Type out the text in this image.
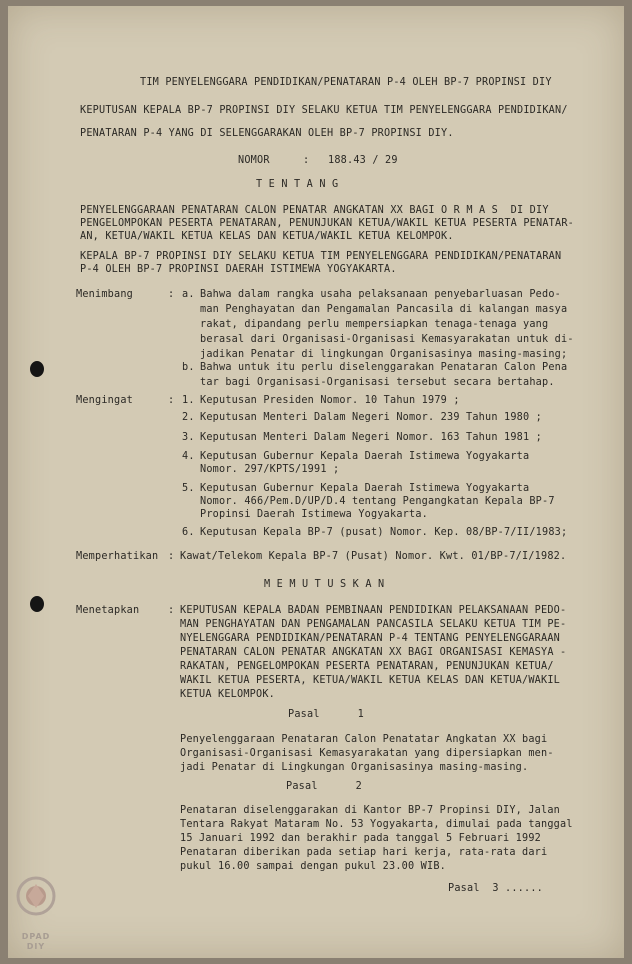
TIM PENYELENGGARA PENDIDIKAN/PENATARAN P-4 OLEH BP-7 PROPINSI DIY
KEPUTUSAN KEPALA BP-7 PROPINSI DIY SELAKU KETUA TIM PENYELENGGARA PENDIDIKAN/
PENATARAN P-4 YANG DI SELENGGARAKAN OLEH BP-7 PROPINSI DIY.
NOMOR	: 188.43 / 29
T E N T A N G
PENYELENGGARAAN PENATARAN CALON PENATAR ANGKATAN XX BAGI O R M A S  DI DIY
PENGELOMPOKAN PESERTA PENATARAN, PENUNJUKAN KETUA/WAKIL KETUA PESERTA PENATAR-
AN, KETUA/WAKIL KETUA KELAS DAN KETUA/WAKIL KETUA KELOMPOK.
KEPALA BP-7 PROPINSI DIY SELAKU KETUA TIM PENYELENGGARA PENDIDIKAN/PENATARAN
P-4 OLEH BP-7 PROPINSI DAERAH ISTIMEWA YOGYAKARTA.
Menimbang	: a. Bahwa dalam rangka usaha pelaksanaan penyebarluasan Pedo-
man Penghayatan dan Pengamalan Pancasila di kalangan masya
rakat, dipandang perlu mempersiapkan tenaga-tenaga yang
berasal dari Organisasi-Organisasi Kemasyarakatan untuk di-
jadikan Penatar di lingkungan Organisasinya masing-masing;
b. Bahwa untuk itu perlu diselenggarakan Penataran Calon Pena
tar bagi Organisasi-Organisasi tersebut secara bertahap.
Mengingat	: 1. Keputusan Presiden Nomor. 10 Tahun 1979 ;
2. Keputusan Menteri Dalam Negeri Nomor. 239 Tahun 1980 ;
3. Keputusan Menteri Dalam Negeri Nomor. 163 Tahun 1981 ;
4. Keputusan Gubernur Kepala Daerah Istimewa Yogyakarta
Nomor. 297/KPTS/1991 ;
5. Keputusan Gubernur Kepala Daerah Istimewa Yogyakarta
Nomor. 466/Pem.D/UP/D.4 tentang Pengangkatan Kepala BP-7
Propinsi Daerah Istimewa Yogyakarta.
6. Keputusan Kepala BP-7 (pusat) Nomor. Kep. 08/BP-7/II/1983;
Memperhatikan : Kawat/Telekom Kepala BP-7 (Pusat) Nomor. Kwt. 01/BP-7/I/1982.
M E M U T U S K A N
Menetapkan	: KEPUTUSAN KEPALA BADAN PEMBINAAN PENDIDIKAN PELAKSANAAN PEDO-
MAN PENGHAYATAN DAN PENGAMALAN PANCASILA SELAKU KETUA TIM PE-
NYELENGGARA PENDIDIKAN/PENATARAN P-4 TENTANG PENYELENGGARAAN
PENATARAN CALON PENATAR ANGKATAN XX BAGI ORGANISASI KEMASYA -
RAKATAN, PENGELOMPOKAN PESERTA PENATARAN, PENUNJUKAN KETUA/
WAKIL KETUA PESERTA, KETUA/WAKIL KETUA KELAS DAN KETUA/WAKIL
KETUA KELOMPOK.
Pasal      1
Penyelenggaraan Penataran Calon Penatatar Angkatan XX bagi
Organisasi-Organisasi Kemasyarakatan yang dipersiapkan men-
jadi Penatar di Lingkungan Organisasinya masing-masing.
Pasal      2
Penataran diselenggarakan di Kantor BP-7 Propinsi DIY, Jalan
Tentara Rakyat Mataram No. 53 Yogyakarta, dimulai pada tanggal
15 Januari 1992 dan berakhir pada tanggal 5 Februari 1992
Penataran diberikan pada setiap hari kerja, rata-rata dari
pukul 16.00 sampai dengan pukul 23.00 WIB.
Pasal  3 ......
DPAD
DIY
